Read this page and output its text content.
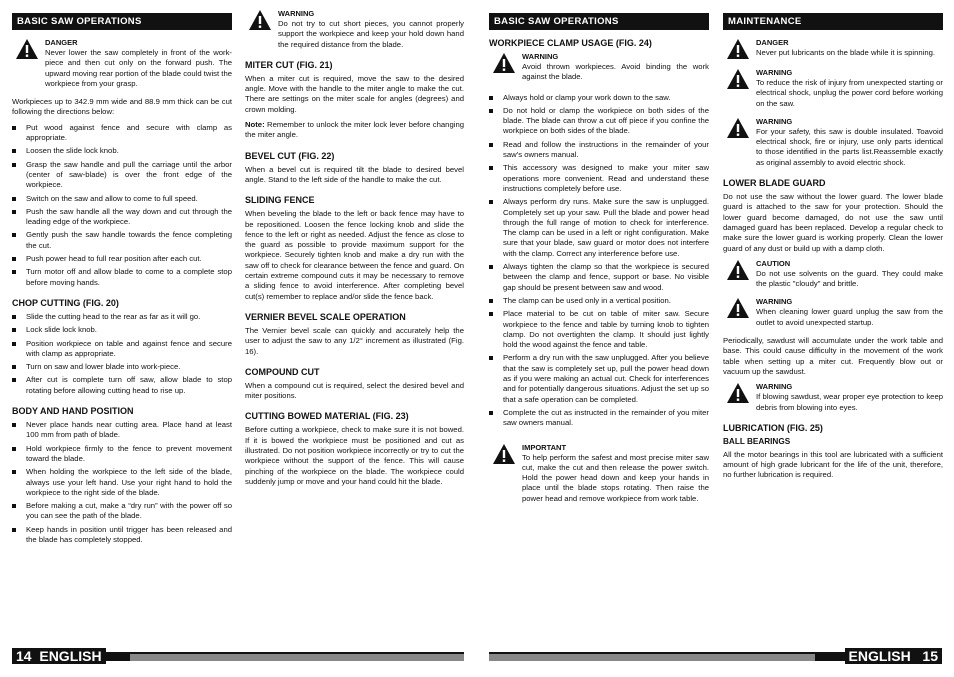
BASIC SAW OPERATIONS
DANGER
Never lower the saw completely in front of the work-piece and then cut only on the forward push. The upward moving rear portion of the blade could twist the workpiece from your grasp.

Workpieces up to 342.9 mm wide and 88.9 mm thick can be cut following the directions below:

Put wood against fence and secure with clamp as appropriate.
Loosen the slide lock knob.
Grasp the saw handle and pull the carriage until the arbor (center of saw-blade) is over the front edge of the workpiece.
Switch on the saw and allow to come to full speed.
Push the saw handle all the way down and cut through the leading edge of the workpiece.
Gently push the saw handle towards the fence completing the cut.
Push power head to full rear position after each cut.
Turn motor off and allow blade to come to a complete stop before moving hands.
CHOP CUTTING (FIG. 20)
Slide the cutting head to the rear as far as it will go.
Lock slide lock knob.
Position workpiece on table and against fence and secure with clamp as appropriate.
Turn on saw and lower blade into work-piece.
After cut is complete turn off saw, allow blade to stop rotating before allowing cutting head to rise up.
BODY AND HAND POSITION
Never place hands near cutting area. Place hand at least 100 mm from path of blade.
Hold workpiece firmly to the fence to prevent movement toward the blade.
When holding the workpiece to the left side of the blade, always use your left hand. Use your right hand to hold the workpiece to the right side of the blade.
Before making a cut, make a “dry run” with the power off so you can see the path of the blade.
Keep hands in position until trigger has been released and the blade has completely stopped.
WARNING
Do not try to cut short pieces, you cannot properly support the workpiece and keep your hold down hand the required distance from the blade.
MITER CUT (FIG. 21)

When a miter cut is required, move the saw to the desired angle. Move with the handle to the miter angle to make the cut. There are settings on the miter scale for angles (degrees) and crown molding.

Note: Remember to unlock the miter lock lever before changing the miter angle.

BEVEL CUT (FIG. 22)

When a bevel cut is required tilt the blade to desired bevel angle. Stand to the left side of the handle to make the cut.

SLIDING FENCE

When beveling the blade to the left or back fence may have to be repositioned. Loosen the fence locking knob and slide the fence to the left or right as needed. Adjust the fence as close to the guard as possible to provide maximum support for the workpiece. Securely tighten knob and make a dry run with the saw off to check for clearance between the fence and guard. On certain extreme compound cuts it may be necessary to remove a sliding fence to avoid interference. After completing bevel cut(s) remember to replace and/or slide the fence back.

VERNIER BEVEL SCALE OPERATION

The Vernier bevel scale can quickly and accurately help the user to adjust the saw to any 1/2° increment as illustrated (Fig. 16).

COMPOUND CUT

When a compound cut is required, select the desired bevel and miter positions.

CUTTING BOWED MATERIAL (FIG. 23)

Before cutting a workpiece, check to make sure it is not bowed. If it is bowed the workpiece must be positioned and cut as illustrated. Do not position workpiece incorrectly or try to cut the workpiece without the support of the fence. This will cause pinching of the workpiece on the blade. The workpiece could suddenly jump or move and your hand could hit the blade.

BASIC SAW OPERATIONS
WORKPIECE CLAMP USAGE (FIG. 24)
WARNING
Avoid thrown workpieces. Avoid binding the work against the blade.
Always hold or clamp your work down to the saw.
Do not hold or clamp the workpiece on both sides of the blade. The blade can throw a cut off piece if you confine the workpiece on both sides of the blade.
Read and follow the instructions in the remainder of your saw’s owners manual.
This accessory was designed to make your miter saw operations more convenient. Read and understand these instructions completely before use.
Always perform dry runs. Make sure the saw is unplugged. Completely set up your saw. Pull the blade and power head through the full range of motion to check for interference. The clamp can be used in a left or right configuration. Make sure that your blade, saw guard or motor does not interfere with the clamp. Correct any interference before use.
Always tighten the clamp so that the workpiece is secured between the clamp and fence, support or base. No visible gap should be present between saw and wood.
The clamp can be used only in a vertical position.
Place material to be cut on table of miter saw. Secure workpiece to the fence and table by turning knob to tighten clamp. Do not overtighten the clamp. It should just lightly hold the wood against the fence and table.
Perform a dry run with the saw unplugged. After you believe that the saw is completely set up, pull the power head down as if you were making an actual cut. Check for interferences and for potentially dangerous situations. Adjust the set up so that a safe operation can be completed.
Complete the cut as instructed in the remainder of you miter saw owners manual.
IMPORTANT
To help perform the safest and most precise miter saw cut, make the cut and then release the power switch. Hold the power head down and keep your hands in place until the blade stops rotating. Then raise the power head and remove workpiece from work table.
MAINTENANCE
DANGER
Never put lubricants on the blade while it is spinning.
WARNING
To reduce the risk of injury from unexpected starting or electrical shock, unplug the power cord before working on the saw.
WARNING
For your safety, this saw is double insulated. Toavoid electrical shock, fire or injury, use only parts identical to those identified in the parts list.Reassemble exactly as original assembly to avoid electric shock.
LOWER BLADE GUARD

Do not use the saw without the lower guard. The lower blade guard is attached to the saw for your protection. Should the lower guard become damaged, do not use the saw until damaged guard has been replaced. Develop a regular check to make sure the lower guard is working properly. Clean the lower guard of any dust or build up with a damp cloth.

CAUTION
Do not use solvents on the guard. They could make the plastic "cloudy" and brittle.
WARNING
When cleaning lower guard unplug the saw from the outlet to avoid unexpected startup.

Periodically, sawdust will accumulate under the work table and base. This could cause difficulty in the movement of the work table when setting up a miter cut. Frequently blow out or vacuum up the sawdust.

WARNING
If blowing sawdust, wear proper eye protection to keep debris from blowing into eyes.
LUBRICATION (FIG. 25)
BALL BEARINGS

All the motor bearings in this tool are lubricated with a sufficient amount of high grade lubricant for the life of the unit, therefore, no further lubrication is required.

14 ENGLISH	ENGLISH 15
